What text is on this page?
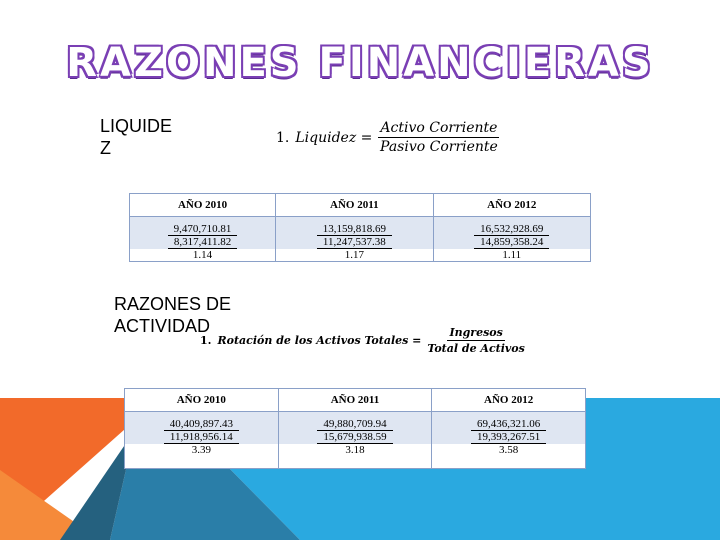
RAZONES FINANCIERAS
LIQUIDE
Z
1. Liquidez = $\frac{\text{Activo Corriente}}{\text{Pasivo Corriente}}$
AÑO 2010	AÑO 2011	AÑO 2012
9,470,710.81	13,159,818.69	16,532,928.69
8,317,411.82	11,247,537.38	14,859,358.24
1.14	1.17	1.11
RAZONES DE
ACTIVIDAD
1. Rotación de los Activos Totales = $\frac{\text{Ingresos}}{\text{Total de Activos}}$
AÑO 2010	AÑO 2011	AÑO 2012
40,409,897.43	49,880,709.94	69,436,321.06
11,918,956.14	15,679,938.59	19,393,267.51
3.39	3.18	3.58
